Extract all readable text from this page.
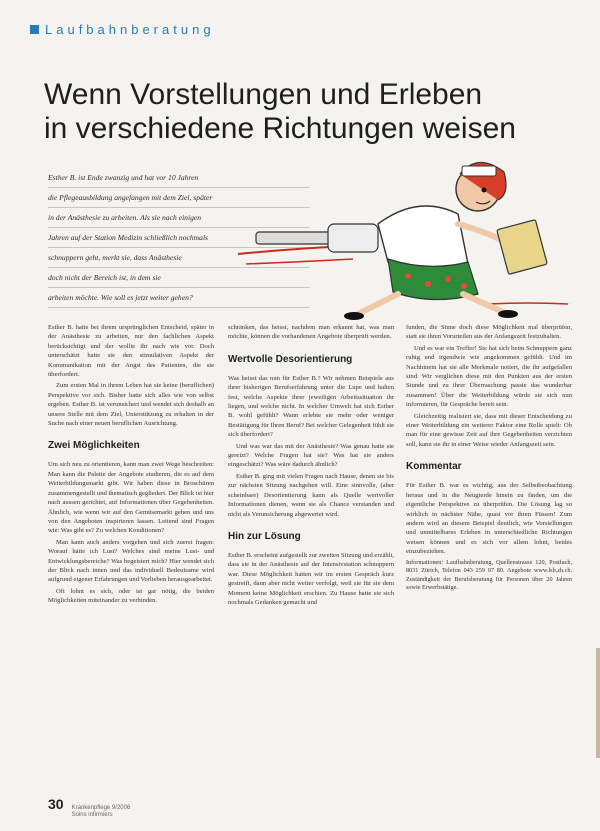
Laufbahnberatung
Wenn Vorstellungen und Erleben
in verschiedene Richtungen weisen
Esther B. ist Ende zwanzig und hat vor 10 Jahren
die Pflegeausbildung angefangen mit dem Ziel, später
in der Anästhesie zu arbeiten. Als sie nach einigen
Jahren auf der Station Medizin schließlich nochmals
schnuppern geht, merkt sie, dass Anästhesie
doch nicht der Bereich ist, in dem sie
arbeiten möchte. Wie soll es jetzt weiter gehen?

Esther B. hatte bei ihrem ursprünglichen Entscheid, später in der Anästhesie zu arbeiten, nur den fachlichen Aspekt berücksichtigt und der wollte ihr nach wie vor. Doch unterschätzt hatte sie den stimulativen Aspekt der Kommunikation mit der Angst des Patienten, die sie überfordert.

Zum ersten Mal in ihrem Leben hat sie keine (beruflichen) Perspektive vor sich. Bisher hatte sich alles wie von selbst ergeben. Esther B. ist verunsichert und wendet sich deshalb an unsere Stelle mit dem Ziel, Unterstützung zu erhalten in der Suche nach einer neuen beruflichen Ausrichtung.

Zwei Möglichkeiten

Um sich neu zu orientieren, kann man zwei Wege beschreiten: Man kann die Palette der Angebote studieren, die es auf dem Weiterbildungsmarkt gibt. Wir haben diese in Broschüren zusammengestellt und thematisch gegliedert. Der Blick ist hier nach aussen gerichtet, auf Informationen über Gegebenheiten. Ähnlich, wie wenn wir auf den Gemüsemarkt gehen und uns von den Angeboten inspirieren lassen. Leitend sind Fragen wie: Was gibt es? Zu welchen Konditionen?

Man kann auch anders vorgehen und sich zuerst fragen: Worauf hätte ich Lust? Welches sind meine Lust- und Entwicklungsbereiche? Was begeistert mich? Hier wendet sich der Blick nach innen und das individuell Bedeutsame wird aufgrund eigener Erfahrungen und Vorlieben herausgearbeitet.

Oft lohnt es sich, oder ist gar nötig, die beiden Möglichkeiten miteinander zu verbinden.

schränken, das heisst, nachdem man erkannt hat, was man möchte, können die vorhandenen Angebote überprüft werden.

Wertvolle Desorientierung

Was heisst das nun für Esther B.? Wir nehmen Beispiele aus ihrer bisherigen Berufserfahrung unter die Lupe und halten fest, welche Aspekte ihrer jeweiligen Arbeitssituation ihr liegen, und welche nicht. In welcher Umwelt hat sich Esther B. wohl gefühlt? Wann erlebte sie mehr oder weniger Bestätigung für Ihren Beruf? Bei welcher Gelegenheit fühlt sie sich überfordert?

Und was war das mit der Anästhesie? Was genau hatte sie gereizt? Welche Fragen hat sie? Was hat sie anders eingeschätzt? Was wäre dadurch ähnlich?

Esther B. ging mit vielen Fragen nach Hause, denen sie bis zur nächsten Sitzung nachgehen will. Eine sinnvolle, (aber scheinbare) Desorientierung kann als Quelle wertvoller Informationen dienen, wenn sie als Chance verstanden und nicht als Verunsicherung abgewertet wird.

Hin zur Lösung

Esther B. erscheint aufgestellt zur zweiten Sitzung und erzählt, dass sie in der Anästhesie auf der Intensivstation schnuppern war. Diese Möglichkeit hatten wir im ersten Gespräch kurz gestreift, dann aber nicht weiter verfolgt, weil sie für sie dem Moment keine Möglichkeit erschien. Zu Hause hatte sie sich nochmals Gedanken gemacht und

funden, die Sinne doch diese Möglichkeit mal überprüfen, statt sie ihren Vorurteilen aus der Anfangszeit festzuhalten.

Und es war ein Treffer! Sie hat sich beim Schnuppern ganz ruhig und irgendwie wie angekommen gefühlt. Und im Nachhinein hat sie alle Merkmale notiert, die ihr aufgefallen sind. Wir verglichen diese mit den Punkten aus der ersten Stunde und zu ihrer Überraschung passte das wunderbar zusammen! Über die Weiterbildung würde sie sich nun informieren, für Gespräche bereit sein.

Gleichzeitig realisiert sie, dass mit dieser Entscheidung zu einer Weiterbildung ein weiterer Faktor eine Rolle spielt: Ob man für eine gewisse Zeit auf ihre Gegebenheiten verzichten soll, kann sie ihr in einer Weise wieder Anfangszeit sein.

Kommentar

Für Esther B. war es wichtig, aus der Selbstbeobachtung heraus und in die Neugierde hinein zu finden, um die eigentliche Perspektive zu überprüfen. Die Lösung lag so wirklich in nächster Nähe, quasi vor ihren Füssen! Zum andern wird an diesem Beispiel deutlich, wie Vorstellungen und unmittelbares Erleben in unterschiedliche Richtungen weisen können und es sich vor allem lohnt, beides einzubeziehen.

Informationen: Laufbahnberatung, Quellenstrasse 120, Postfach, 8031 Zürich, Telefon 043 259 97 80. Angebote www.lsb.zh.ch. Zuständigkeit der Berufsberatung für Personen über 20 Jahren sowie Erwerbstätige.

30 Krankenpflege 9/2006
Soins infirmiers
